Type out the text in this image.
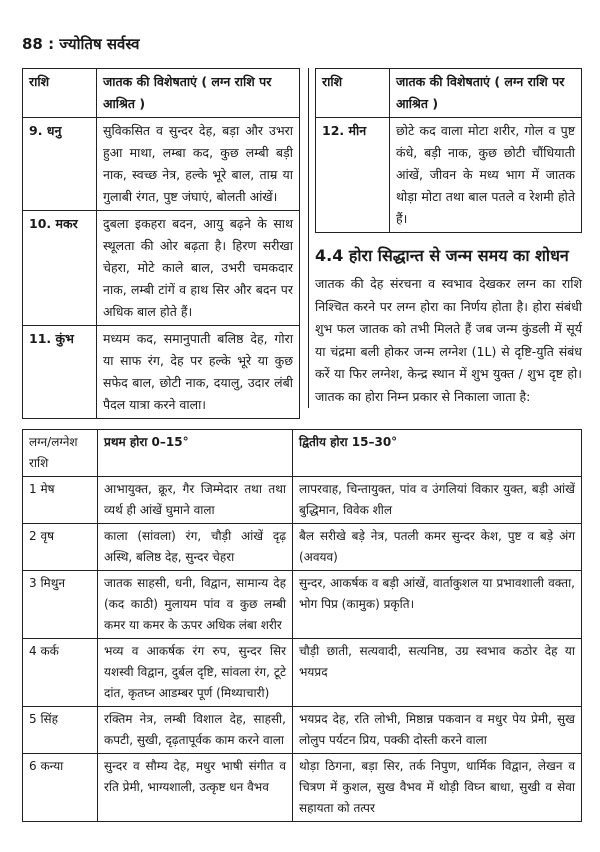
88 : ज्योतिष सर्वस्व
राशि	जातक की विशेषताएं ( लग्न राशि पर आश्रित )
9. धनु	सुविकसित व सुन्दर देह, बड़ा और उभरा हुआ माथा, लम्बा कद, कुछ लम्बी बड़ी नाक, स्वच्छ नेत्र, हल्के भूरे बाल, ताम्र या गुलाबी रंगत, पुष्ट जंघाएं, बोलती आंखें।
10. मकर	दुबला इकहरा बदन, आयु बढ़ने के साथ स्थूलता की ओर बढ़ता है। हिरण सरीखा चेहरा, मोटे काले बाल, उभरी चमकदार नाक, लम्बी टांगें व हाथ सिर और बदन पर अधिक बाल होते हैं।
11. कुंभ	मध्यम कद, समानुपाती बलिष्ठ देह, गोरा या साफ रंग, देह पर हल्के भूरे या कुछ सफेद बाल, छोटी नाक, दयालु, उदार लंबी पैदल यात्रा करने वाला।
राशि	जातक की विशेषताएं ( लग्न राशि पर आश्रित )
12. मीन	छोटे कद वाला मोटा शरीर, गोल व पुष्ट कंधे, बड़ी नाक, कुछ छोटी चौंधियाती आंखें, जीवन के मध्य भाग में जातक थोड़ा मोटा तथा बाल पतले व रेशमी होते हैं।
4.4 होरा सिद्धान्त से जन्म समय का शोधन
जातक की देह संरचना व स्वभाव देखकर लग्न का राशि निश्चित करने पर लग्न होरा का निर्णय होता है। होरा संबंधी शुभ फल जातक को तभी मिलते हैं जब जन्म कुंडली में सूर्य या चंद्रमा बली होकर जन्म लग्नेश (1L) से दृष्टि-युति संबंध करें या फिर लग्नेश, केन्द्र स्थान में शुभ युक्त / शुभ दृष्ट हो। जातक का होरा निम्न प्रकार से निकाला जाता है:
लग्न/लग्नेश राशि	प्रथम होरा 0–15°	द्वितीय होरा 15–30°
1 मेष	आभायुक्त, क्रूर, गैर जिम्मेदार तथा तथा व्यर्थ ही आंखें घुमाने वाला	लापरवाह, चिन्तायुक्त, पांव व उंगलियां विकार युक्त, बड़ी आंखें बुद्धिमान, विवेक शील
2 वृष	काला (सांवला) रंग, चौड़ी आंखें दृढ़ अस्थि, बलिष्ठ देह, सुन्दर चेहरा	बैल सरीखे बड़े नेत्र, पतली कमर सुन्दर केश, पुष्ट व बड़े अंग (अवयव)
3 मिथुन	जातक साहसी, धनी, विद्वान, सामान्य देह (कद काठी) मुलायम पांव व कुछ लम्बी कमर या कमर के ऊपर अधिक लंबा शरीर	सुन्दर, आकर्षक व बड़ी आंखें, वार्ताकुशल या प्रभावशाली वक्ता, भोग पिप्र (कामुक) प्रकृति।
4 कर्क	भव्य व आकर्षक रंग रुप, सुन्दर सिर यशस्वी विद्वान, दुर्बल दृष्टि, सांवला रंग, टूटे दांत, कृतघ्न आडम्बर पूर्ण (मिथ्याचारी)	चौड़ी छाती, सत्यवादी, सत्यनिष्ठ, उग्र स्वभाव कठोर देह या भयप्रद
5 सिंह	रक्तिम नेत्र, लम्बी विशाल देह, साहसी, कपटी, सुखी, दृढ़तापूर्वक काम करने वाला	भयप्रद देह, रति लोभी, मिष्ठान्न पकवान व मधुर पेय प्रेमी, सुख लोलुप पर्यटन प्रिय, पक्की दोस्ती करने वाला
6 कन्या	सुन्दर व सौम्य देह, मधुर भाषी संगीत व रति प्रेमी, भाग्यशाली, उत्कृष्ट धन वैभव	थोड़ा ठिगना, बड़ा सिर, तर्क निपुण, धार्मिक विद्वान, लेखन व चित्रण में कुशल, सुख वैभव में थोड़ी विघ्न बाधा, सुखी व सेवा सहायता को तत्पर
